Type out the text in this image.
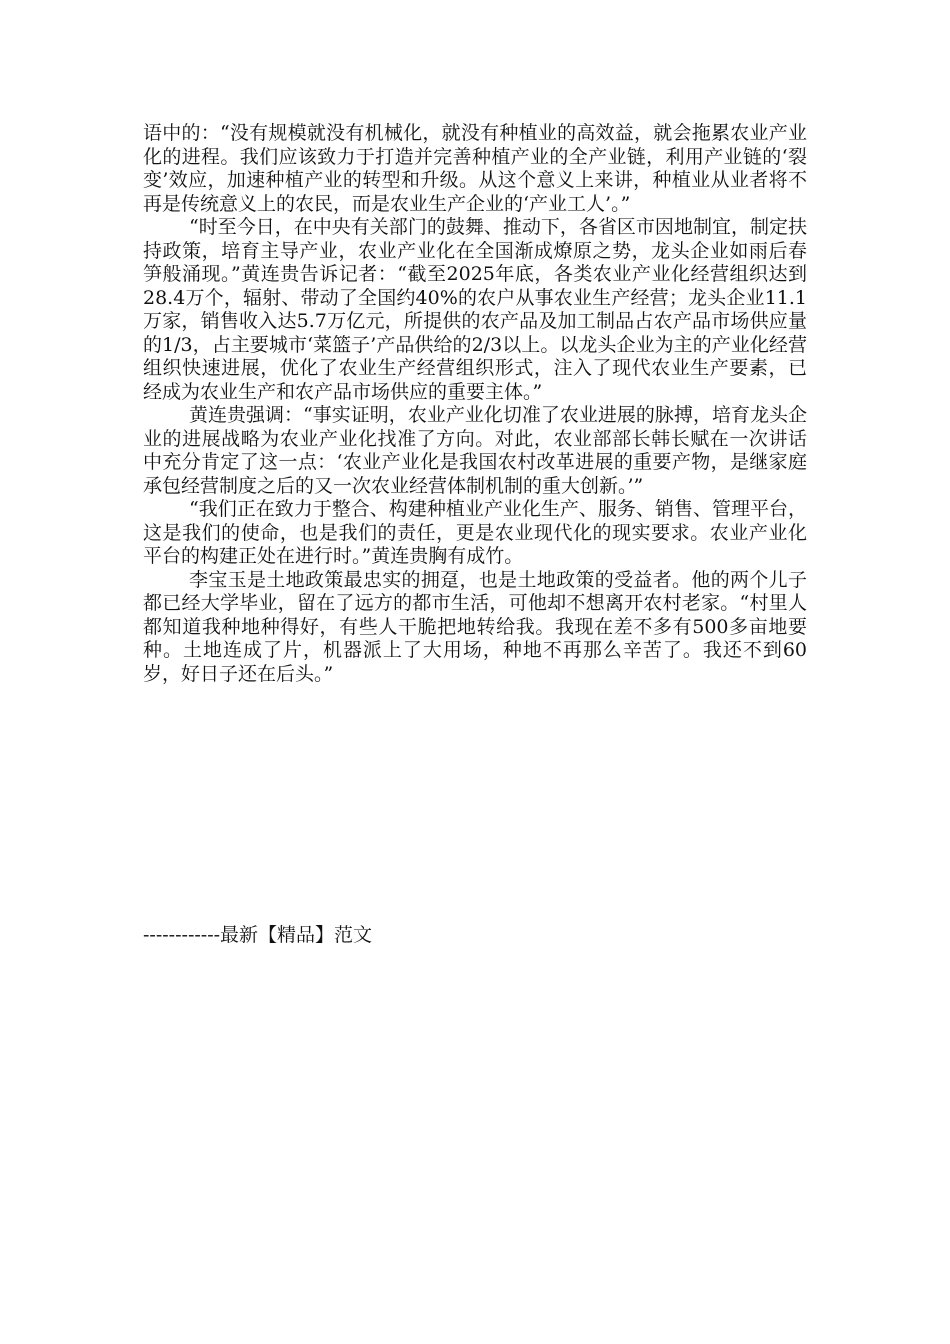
语中的：“没有规模就没有机械化，就没有种植业的高效益，就会拖累农业产业化的进程。我们应该致力于打造并完善种植产业的全产业链，利用产业链的‘裂变’效应，加速种植产业的转型和升级。从这个意义上来讲，种植业从业者将不再是传统意义上的农民，而是农业生产企业的‘产业工人’。”

“时至今日，在中央有关部门的鼓舞、推动下，各省区市因地制宜，制定扶持政策，培育主导产业，农业产业化在全国渐成燎原之势，龙头企业如雨后春笋般涌现。”黄连贵告诉记者：“截至2025年底，各类农业产业化经营组织达到28.4万个，辐射、带动了全国约40%的农户从事农业生产经营；龙头企业11.1万家，销售收入达5.7万亿元，所提供的农产品及加工制品占农产品市场供应量的1/3，占主要城市‘菜篮子’产品供给的2/3以上。以龙头企业为主的产业化经营组织快速进展，优化了农业生产经营组织形式，注入了现代农业生产要素，已经成为农业生产和农产品市场供应的重要主体。”

黄连贵强调：“事实证明，农业产业化切准了农业进展的脉搏，培育龙头企业的进展战略为农业产业化找准了方向。对此，农业部部长韩长赋在一次讲话中充分肯定了这一点：‘农业产业化是我国农村改革进展的重要产物，是继家庭承包经营制度之后的又一次农业经营体制机制的重大创新。’”

“我们正在致力于整合、构建种植业产业化生产、服务、销售、管理平台，这是我们的使命，也是我们的责任，更是农业现代化的现实要求。农业产业化平台的构建正处在进行时。”黄连贵胸有成竹。

李宝玉是土地政策最忠实的拥趸，也是土地政策的受益者。他的两个儿子都已经大学毕业，留在了远方的都市生活，可他却不想离开农村老家。“村里人都知道我种地种得好，有些人干脆把地转给我。我现在差不多有500多亩地要种。土地连成了片，机器派上了大用场，种地不再那么辛苦了。我还不到60岁，好日子还在后头。”

------------最新【精品】范文
